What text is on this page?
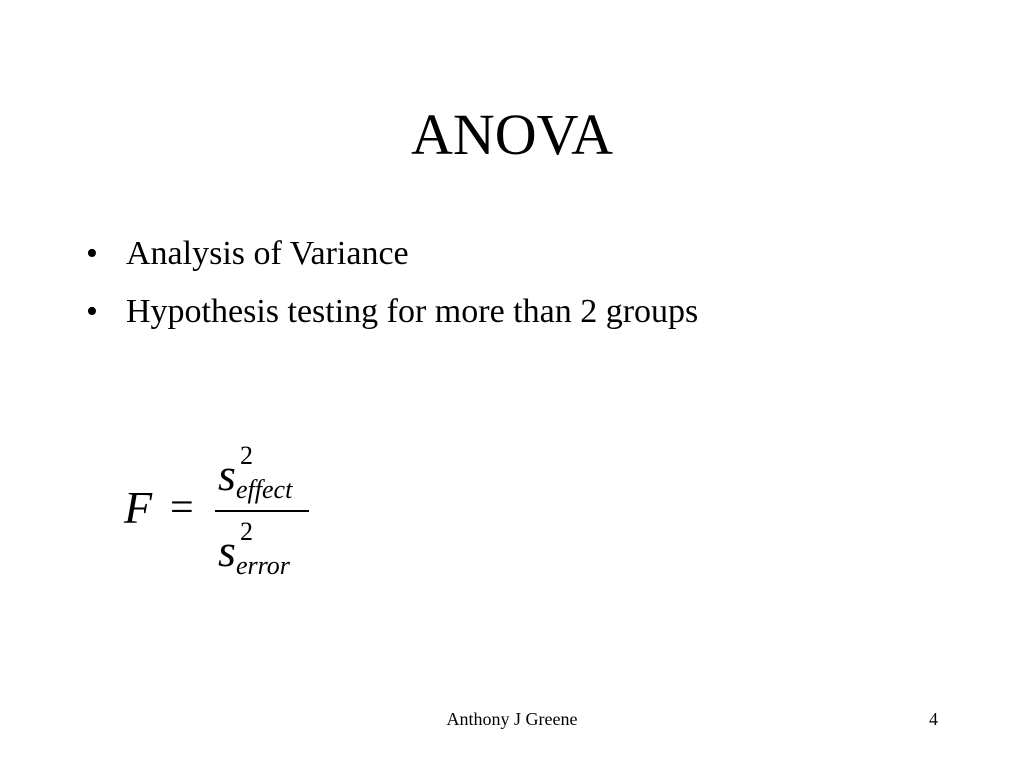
ANOVA
• Analysis of Variance
• Hypothesis testing for more than 2 groups
F =
s 2
effect
s 2
error
Anthony J Greene	4
